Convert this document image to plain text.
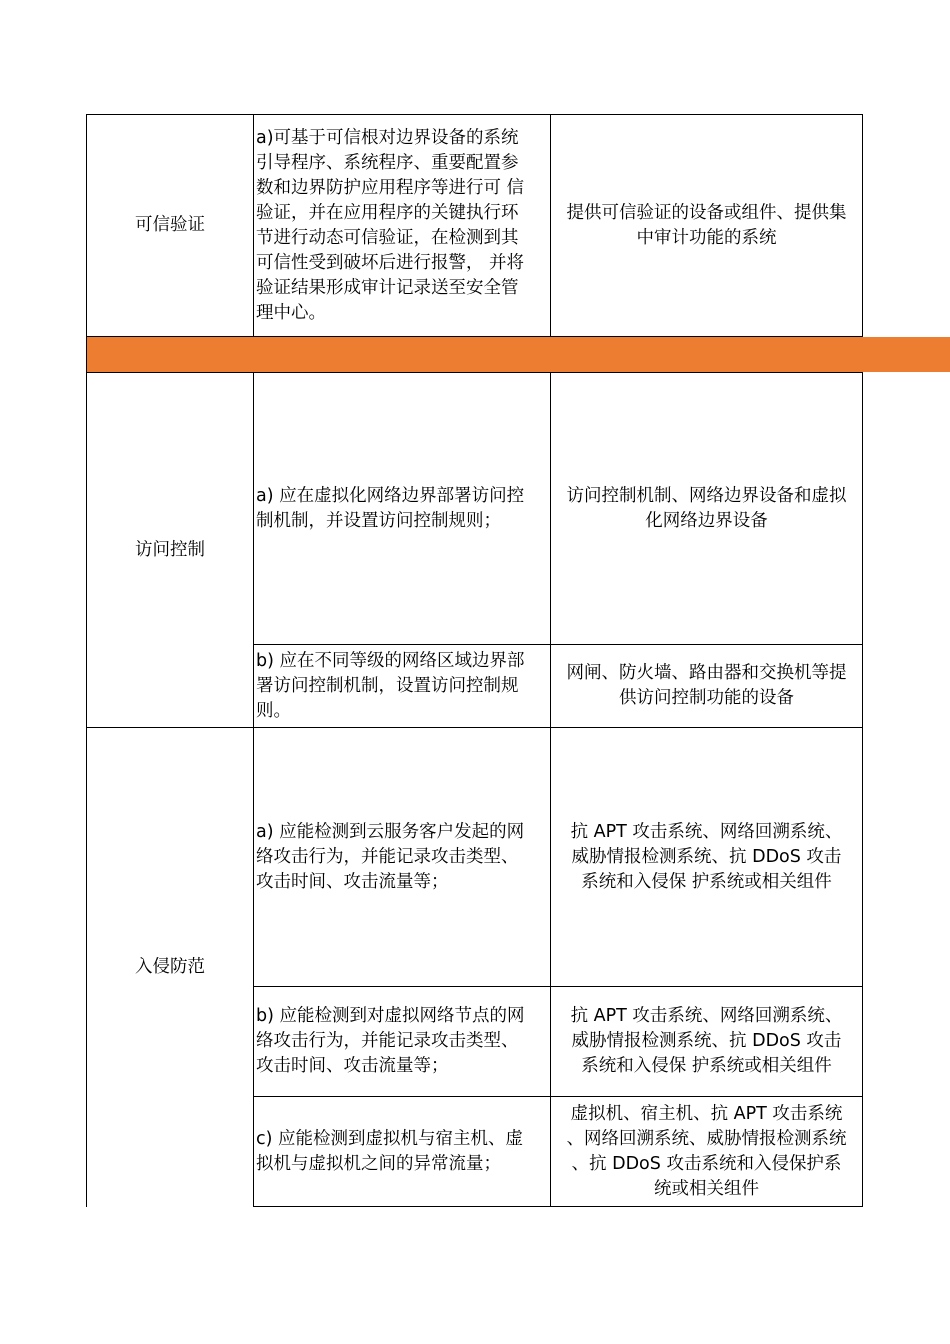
可信验证
a)可基于可信根对边界设备的系统
引导程序、系统程序、重要配置参
数和边界防护应用程序等进行可 信
验证，并在应用程序的关键执行环
节进行动态可信验证，在检测到其
可信性受到破坏后进行报警， 并将
验证结果形成审计记录送至安全管
理中心。
提供可信验证的设备或组件、提供集
中审计功能的系统
访问控制
a) 应在虚拟化网络边界部署访问控
制机制，并设置访问控制规则；
访问控制机制、网络边界设备和虚拟
化网络边界设备
b) 应在不同等级的网络区域边界部
署访问控制机制，设置访问控制规
则。
网闸、防火墙、路由器和交换机等提
供访问控制功能的设备
入侵防范
a) 应能检测到云服务客户发起的网
络攻击行为，并能记录攻击类型、
攻击时间、攻击流量等；
抗 APT 攻击系统、网络回溯系统、
威胁情报检测系统、抗 DDoS 攻击
系统和入侵保 护系统或相关组件
b) 应能检测到对虚拟网络节点的网
络攻击行为，并能记录攻击类型、
攻击时间、攻击流量等；
抗 APT 攻击系统、网络回溯系统、
威胁情报检测系统、抗 DDoS 攻击
系统和入侵保 护系统或相关组件
c) 应能检测到虚拟机与宿主机、虚
拟机与虚拟机之间的异常流量；
虚拟机、宿主机、抗 APT 攻击系统
、网络回溯系统、威胁情报检测系统
、抗 DDoS 攻击系统和入侵保护系
统或相关组件
